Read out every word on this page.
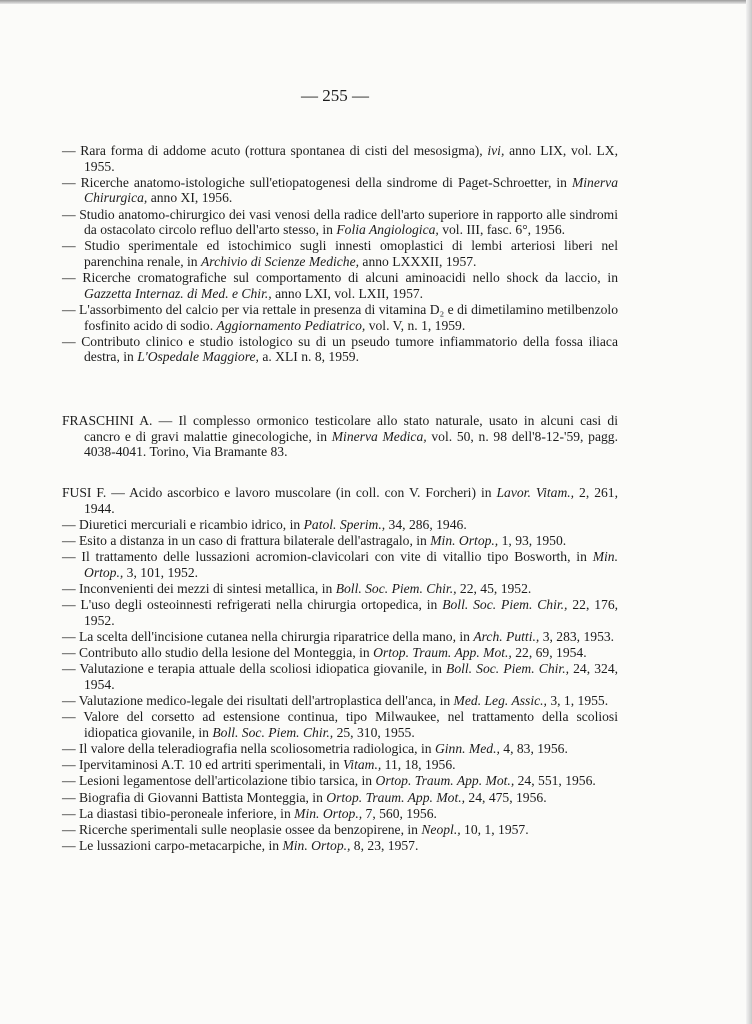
— 255 —
— Rara forma di addome acuto (rottura spontanea di cisti del mesosigma), ivi, anno LIX, vol. LX, 1955.
— Ricerche anatomo-istologiche sull'etiopatogenesi della sindrome di Paget-Schroetter, in Minerva Chirurgica, anno XI, 1956.
— Studio anatomo-chirurgico dei vasi venosi della radice dell'arto superiore in rapporto alle sindromi da ostacolato circolo refluo dell'arto stesso, in Folia Angiologica, vol. III, fasc. 6°, 1956.
— Studio sperimentale ed istochimico sugli innesti omoplastici di lembi arteriosi liberi nel parenchina renale, in Archivio di Scienze Mediche, anno LXXXII, 1957.
— Ricerche cromatografiche sul comportamento di alcuni aminoacidi nello shock da laccio, in Gazzetta Internaz. di Med. e Chir., anno LXI, vol. LXII, 1957.
— L'assorbimento del calcio per via rettale in presenza di vitamina D₂ e di dimetilamino metilbenzolo fosfinito acido di sodio. Aggiornamento Pediatrico, vol. V, n. 1, 1959.
— Contributo clinico e studio istologico su di un pseudo tumore infiammatorio della fossa iliaca destra, in L'Ospedale Maggiore, a. XLI n. 8, 1959.
FRASCHINI A. — Il complesso ormonico testicolare allo stato naturale, usato in alcuni casi di cancro e di gravi malattie ginecologiche, in Minerva Medica, vol. 50, n. 98 dell'8-12-'59, pagg. 4038-4041. Torino, Via Bramante 83.
FUSI F. — Acido ascorbico e lavoro muscolare (in coll. con V. Forcheri) in Lavor. Vitam., 2, 261, 1944.
— Diuretici mercuriali e ricambio idrico, in Patol. Sperim., 34, 286, 1946.
— Esito a distanza in un caso di frattura bilaterale dell'astragalo, in Min. Ortop., 1, 93, 1950.
— Il trattamento delle lussazioni acromion-clavicolari con vite di vitallio tipo Bosworth, in Min. Ortop., 3, 101, 1952.
— Inconvenienti dei mezzi di sintesi metallica, in Boll. Soc. Piem. Chir., 22, 45, 1952.
— L'uso degli osteoinnesti refrigerati nella chirurgia ortopedica, in Boll. Soc. Piem. Chir., 22, 176, 1952.
— La scelta dell'incisione cutanea nella chirurgia riparatrice della mano, in Arch. Putti., 3, 283, 1953.
— Contributo allo studio della lesione del Monteggia, in Ortop. Traum. App. Mot., 22, 69, 1954.
— Valutazione e terapia attuale della scoliosi idiopatica giovanile, in Boll. Soc. Piem. Chir., 24, 324, 1954.
— Valutazione medico-legale dei risultati dell'artroplastica dell'anca, in Med. Leg. Assic., 3, 1, 1955.
— Valore del corsetto ad estensione continua, tipo Milwaukee, nel trattamento della scoliosi idiopatica giovanile, in Boll. Soc. Piem. Chir., 25, 310, 1955.
— Il valore della teleradiografia nella scoliosometria radiologica, in Ginn. Med., 4, 83, 1956.
— Ipervitaminosi A.T. 10 ed artriti sperimentali, in Vitam., 11, 18, 1956.
— Lesioni legamentose dell'articolazione tibio tarsica, in Ortop. Traum. App. Mot., 24, 551, 1956.
— Biografia di Giovanni Battista Monteggia, in Ortop. Traum. App. Mot., 24, 475, 1956.
— La diastasi tibio-peroneale inferiore, in Min. Ortop., 7, 560, 1956.
— Ricerche sperimentali sulle neoplasie ossee da benzopirene, in Neopl., 10, 1, 1957.
— Le lussazioni carpo-metacarpiche, in Min. Ortop., 8, 23, 1957.
